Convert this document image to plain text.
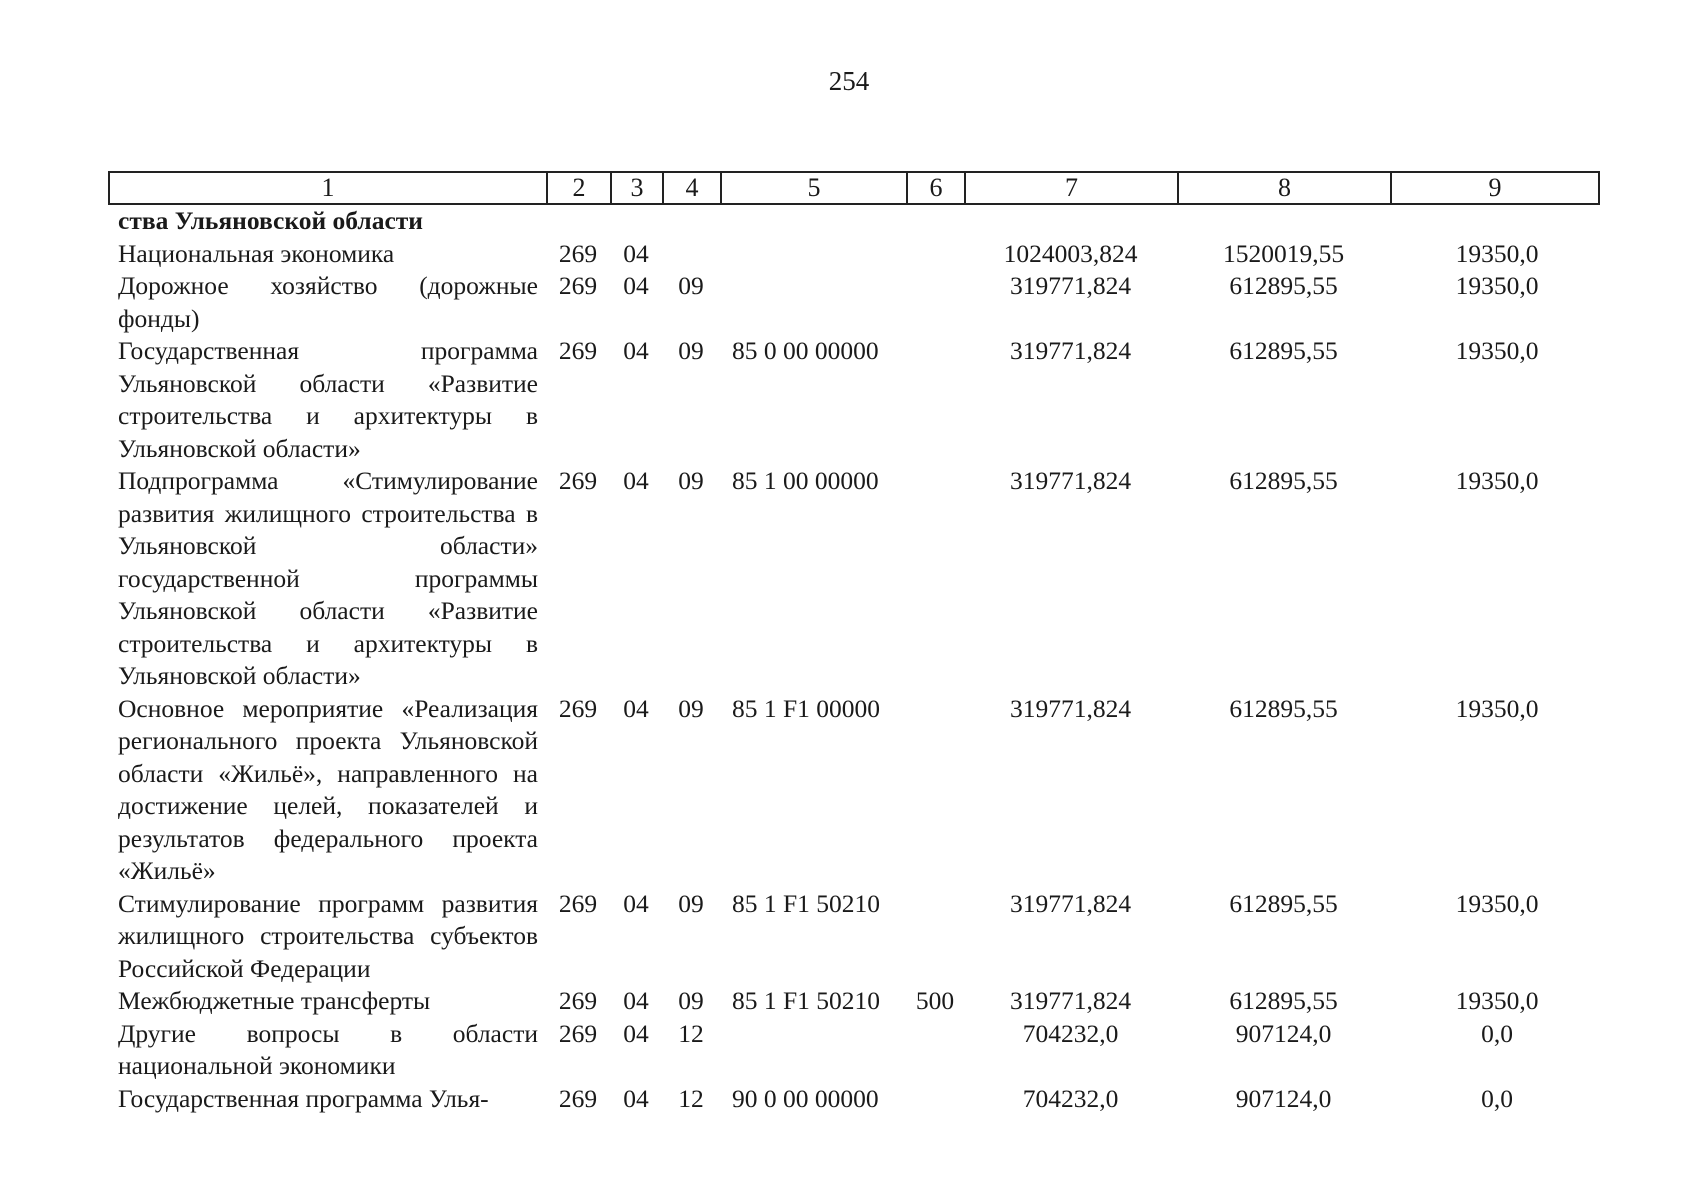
254
1	2	3	4	5	6	7	8	9
ства Ульяновской области								
Национальная экономика	269	04				1024003,824	1520019,55	19350,0
Дорожное хозяйство (дорожные фонды)	269	04	09			319771,824	612895,55	19350,0
Государственная программа Ульяновской области «Развитие строительства и архитектуры в Ульяновской области»	269	04	09	85 0 00 00000		319771,824	612895,55	19350,0
Подпрограмма «Стимулирование развития жилищного строительства в Ульяновской области» государственной программы Ульяновской области «Развитие строительства и архитектуры в Ульяновской области»	269	04	09	85 1 00 00000		319771,824	612895,55	19350,0
Основное мероприятие «Реализация регионального проекта Ульяновской области «Жильё», направленного на достижение целей, показателей и результатов федерального проекта «Жильё»	269	04	09	85 1 F1 00000		319771,824	612895,55	19350,0
Стимулирование программ развития жилищного строительства субъектов Российской Федерации	269	04	09	85 1 F1 50210		319771,824	612895,55	19350,0
Межбюджетные трансферты	269	04	09	85 1 F1 50210	500	319771,824	612895,55	19350,0
Другие вопросы в области национальной экономики	269	04	12			704232,0	907124,0	0,0
Государственная программа Улья-	269	04	12	90 0 00 00000		704232,0	907124,0	0,0
